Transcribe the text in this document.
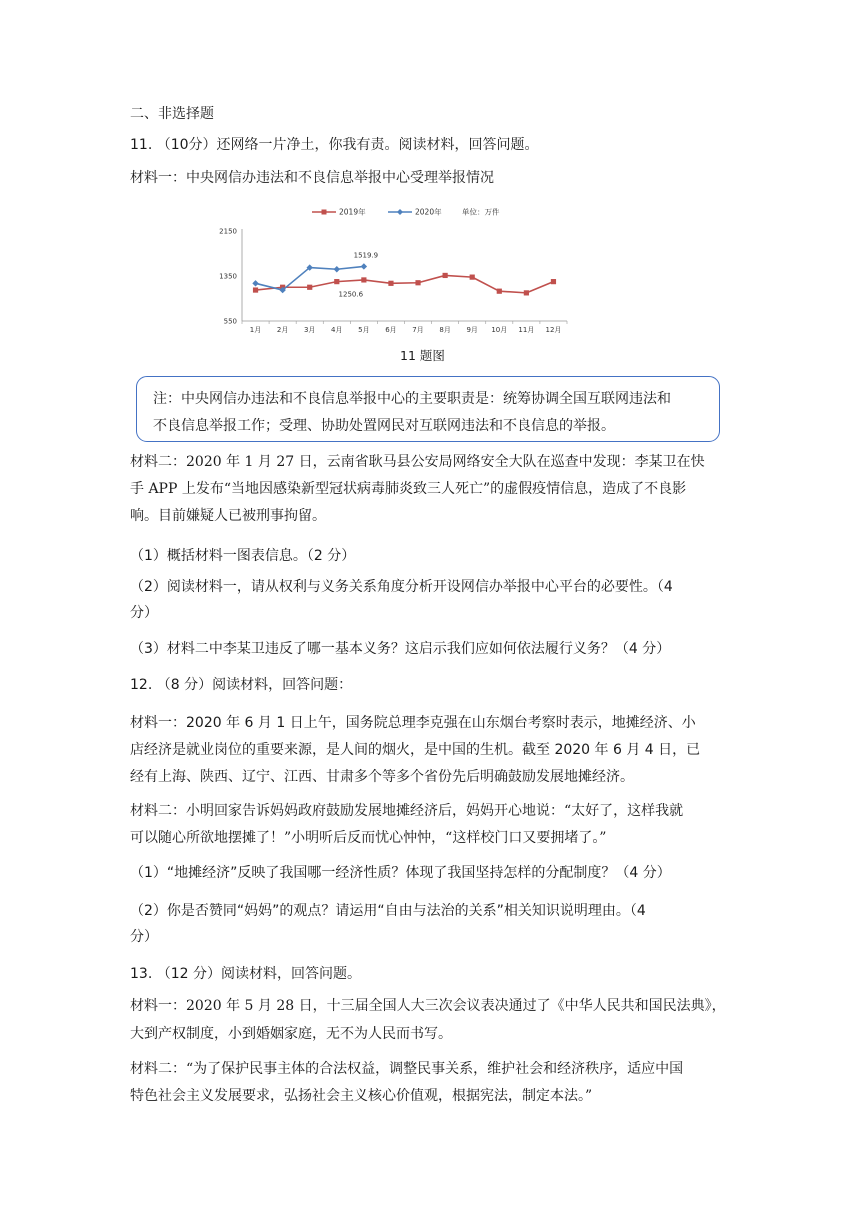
二、非选择题
11. （10分）还网络一片净土，你我有责。阅读材料，回答问题。
材料一：中央网信办违法和不良信息举报中心受理举报情况
550
1350
2150
1月 2月 3月 4月 5月 6月 7月 8月 9月 10月 11月 12月
1519.9
1250.6
2019年	2020年	单位：万件
11 题图
注：中央网信办违法和不良信息举报中心的主要职责是：统筹协调全国互联网违法和
不良信息举报工作；受理、协助处置网民对互联网违法和不良信息的举报。
材料二：2020 年 1 月 27 日，云南省耿马县公安局网络安全大队在巡查中发现：李某卫在快
手 APP 上发布“当地因感染新型冠状病毒肺炎致三人死亡”的虚假疫情信息，造成了不良影
响。目前嫌疑人已被刑事拘留。
（1）概括材料一图表信息。（2 分）
（2）阅读材料一，请从权利与义务关系角度分析开设网信办举报中心平台的必要性。（4
分）
（3）材料二中李某卫违反了哪一基本义务？这启示我们应如何依法履行义务？（4 分）
12. （8 分）阅读材料，回答问题：
材料一：2020 年 6 月 1 日上午，国务院总理李克强在山东烟台考察时表示，地摊经济、小
店经济是就业岗位的重要来源，是人间的烟火，是中国的生机。截至 2020 年 6 月 4 日，已
经有上海、陕西、辽宁、江西、甘肃多个等多个省份先后明确鼓励发展地摊经济。
材料二：小明回家告诉妈妈政府鼓励发展地摊经济后，妈妈开心地说：“太好了，这样我就
可以随心所欲地摆摊了！”小明听后反而忧心忡忡，“这样校门口又要拥堵了。”
（1）“地摊经济”反映了我国哪一经济性质？体现了我国坚持怎样的分配制度？（4 分）
（2）你是否赞同“妈妈”的观点？请运用“自由与法治的关系”相关知识说明理由。（4
分）
13. （12 分）阅读材料，回答问题。
材料一：2020 年 5 月 28 日，十三届全国人大三次会议表决通过了《中华人民共和国民法典》，
大到产权制度，小到婚姻家庭，无不为人民而书写。
材料二：“为了保护民事主体的合法权益，调整民事关系，维护社会和经济秩序，适应中国
特色社会主义发展要求，弘扬社会主义核心价值观，根据宪法，制定本法。”
